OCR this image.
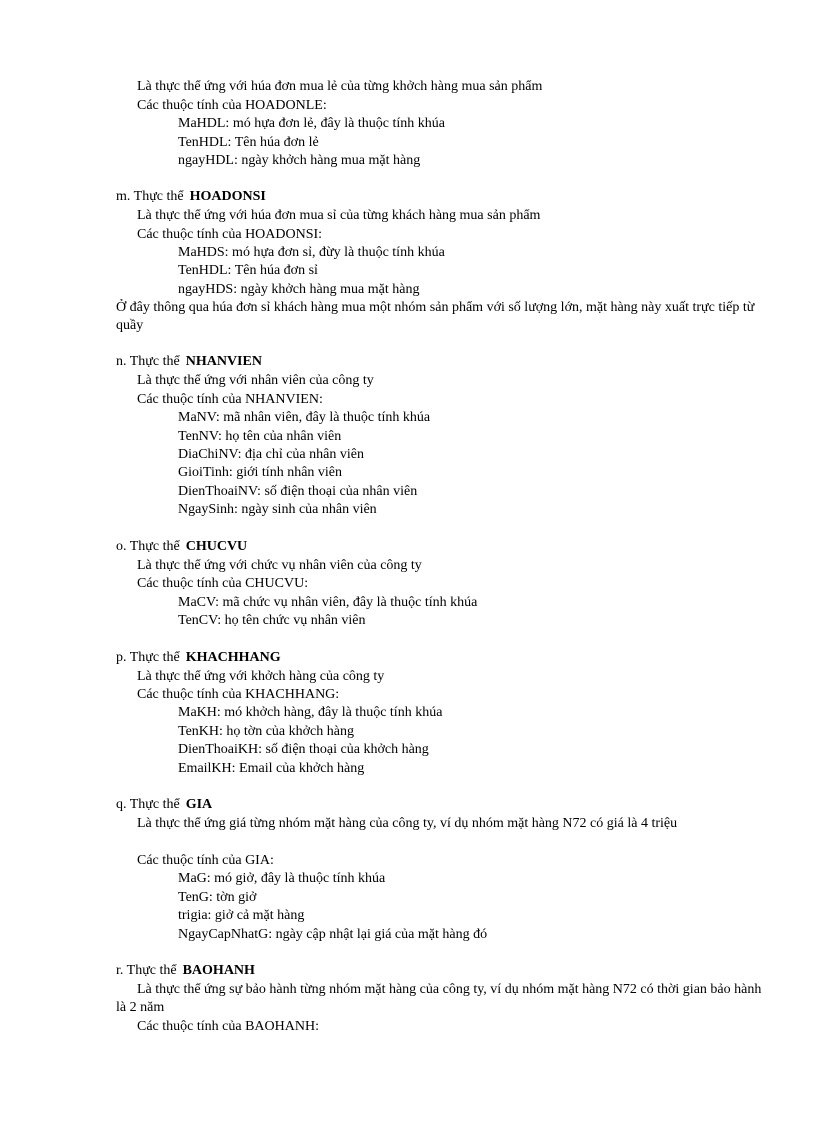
Là thực thể ứng với húa đơn mua lẻ của từng khởch hàng mua sản phẩm
Các thuộc tính của HOADONLE:
MaHDL: mó hựa đơn lẻ, đây là thuộc tính khúa
TenHDL: Tên húa đơn lẻ
ngayHDL: ngày khởch hàng mua mặt hàng
m. Thực thể HOADONSI
Là thực thể ứng với húa đơn mua sỉ của từng khách hàng mua sản phẩm
Các thuộc tính của HOADONSI:
MaHDS: mó hựa đơn sỉ, đừy là thuộc tính khúa
TenHDL: Tên húa đơn sỉ
ngayHDS: ngày khởch hàng mua mặt hàng
Ở đây thông qua húa đơn sỉ khách hàng mua một nhóm sản phẩm với số lượng lớn, mặt hàng này xuất trực tiếp từ quầy
n. Thực thể NHANVIEN
Là thực thể ứng với nhân viên của công ty
Các thuộc tính của NHANVIEN:
MaNV: mã nhân viên, đây là thuộc tính khúa
TenNV: họ tên của nhân viên
DiaChiNV: địa chỉ của nhân viên
GioiTinh: giới tính nhân viên
DienThoaiNV: số điện thoại của nhân viên
NgaySinh: ngày sinh của nhân viên
o. Thực thể CHUCVU
Là thực thể ứng với chức vụ nhân viên của công ty
Các thuộc tính của CHUCVU:
MaCV: mã chức vụ nhân viên, đây là thuộc tính khúa
TenCV: họ tên chức vụ nhân viên
p. Thực thể KHACHHANG
Là thực thể ứng với khởch hàng của công ty
Các thuộc tính của KHACHHANG:
MaKH: mó khởch hàng, đây là thuộc tính khúa
TenKH: họ tờn của khởch hàng
DienThoaiKH: số điện thoại của khởch hàng
EmailKH: Email của khởch hàng
q. Thực thể GIA
Là thực thể ứng giá từng nhóm mặt hàng của công ty, ví dụ nhóm mặt hàng N72 có giá là 4 triệu
Các thuộc tính của GIA:
MaG: mó giở, đây là thuộc tính khúa
TenG: tờn giở
trigia: giở cả mặt hàng
NgayCapNhatG: ngày cập nhật lại giá của mặt hàng đó
r. Thực thể BAOHANH
Là thực thể ứng sự bảo hành từng nhóm mặt hàng của công ty, ví dụ nhóm mặt hàng N72 có thời gian bảo hành là 2 năm
Các thuộc tính của BAOHANH:
